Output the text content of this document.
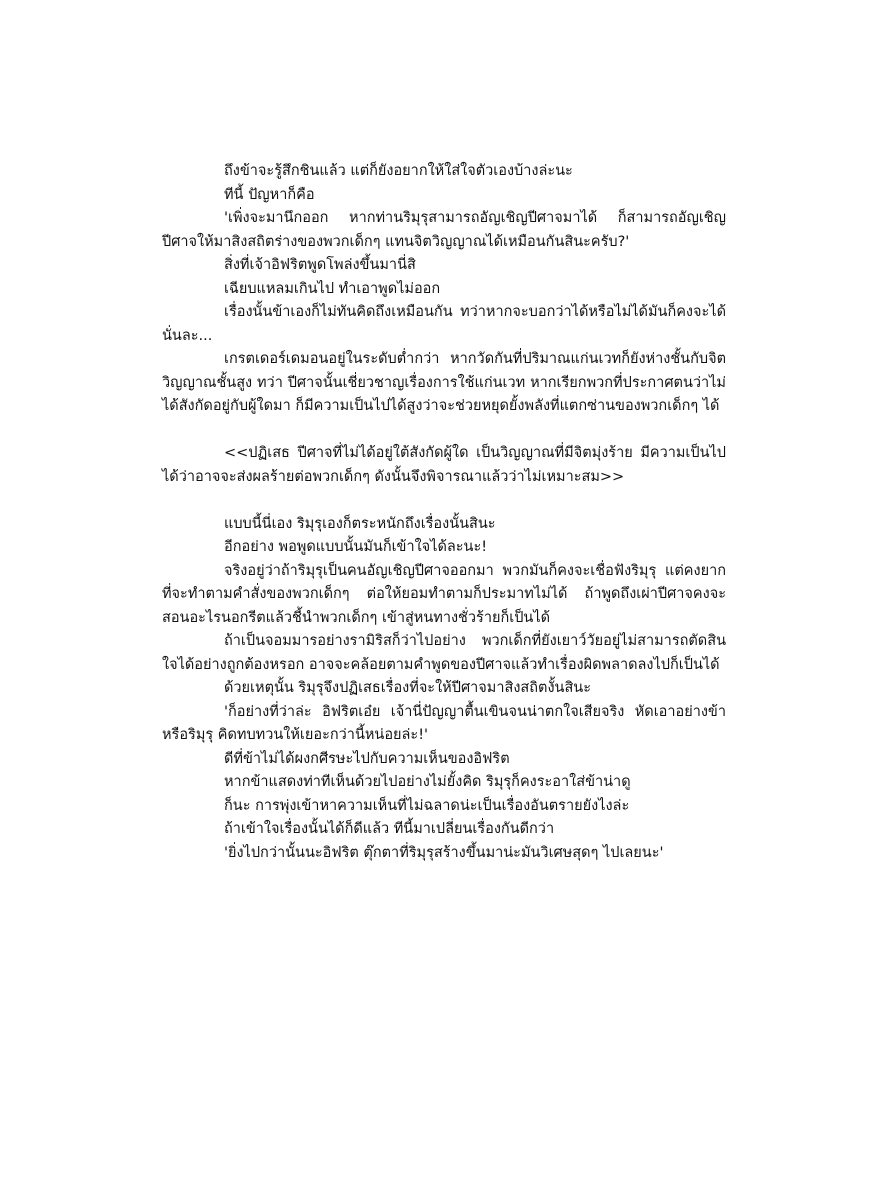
ถึงข้าจะรู้สึกชินแล้ว แต่ก็ยังอยากให้ใส่ใจตัวเองบ้างล่ะนะ

ทีนี้ ปัญหาก็คือ

'เพิ่งจะมานึกออก หากท่านริมุรุสามารถอัญเชิญปีศาจมาได้ ก็สามารถอัญเชิญปีศาจให้มาสิงสถิตร่างของพวกเด็กๆ แทนจิตวิญญาณได้เหมือนกันสินะครับ?'

สิ่งที่เจ้าอิฟริตพูดโพล่งขึ้นมานี่สิ

เฉียบแหลมเกินไป ทำเอาพูดไม่ออก

เรื่องนั้นข้าเองก็ไม่ทันคิดถึงเหมือนกัน ทว่าหากจะบอกว่าได้หรือไม่ได้มันก็คงจะได้นั่นละ...

เกรตเดอร์เดมอนอยู่ในระดับต่ำกว่า หากวัดกันที่ปริมาณแก่นเวทก็ยังห่างชั้นกับจิตวิญญาณชั้นสูง ทว่า ปีศาจนั้นเชี่ยวชาญเรื่องการใช้แก่นเวท หากเรียกพวกที่ประกาศตนว่าไม่ได้สังกัดอยู่กับผู้ใดมา ก็มีความเป็นไปได้สูงว่าจะช่วยหยุดยั้งพลังที่แตกซ่านของพวกเด็กๆ ได้

<<ปฏิเสธ ปีศาจที่ไม่ได้อยู่ใต้สังกัดผู้ใด เป็นวิญญาณที่มีจิตมุ่งร้าย มีความเป็นไปได้ว่าอาจจะส่งผลร้ายต่อพวกเด็กๆ ดังนั้นจึงพิจารณาแล้วว่าไม่เหมาะสม>>

แบบนี้นี่เอง ริมุรุเองก็ตระหนักถึงเรื่องนั้นสินะ

อีกอย่าง พอพูดแบบนั้นมันก็เข้าใจได้ละนะ!

จริงอยู่ว่าถ้าริมุรุเป็นคนอัญเชิญปีศาจออกมา พวกมันก็คงจะเชื่อฟังริมุรุ แต่คงยากที่จะทำตามคำสั่งของพวกเด็กๆ ต่อให้ยอมทำตามก็ประมาทไม่ได้ ถ้าพูดถึงเผ่าปีศาจคงจะสอนอะไรนอกรีตแล้วชี้นำพวกเด็กๆ เข้าสู่หนทางชั่วร้ายก็เป็นได้

ถ้าเป็นจอมมารอย่างรามิริสก็ว่าไปอย่าง พวกเด็กที่ยังเยาว์วัยอยู่ไม่สามารถตัดสินใจได้อย่างถูกต้องหรอก อาจจะคล้อยตามคำพูดของปีศาจแล้วทำเรื่องผิดพลาดลงไปก็เป็นได้

ด้วยเหตุนั้น ริมุรุจึงปฏิเสธเรื่องที่จะให้ปีศาจมาสิงสถิตงั้นสินะ

'ก็อย่างที่ว่าล่ะ อิฟริตเอ๋ย เจ้านี่ปัญญาตื้นเขินจนน่าตกใจเสียจริง หัดเอาอย่างข้าหรือริมุรุ คิดทบทวนให้เยอะกว่านี้หน่อยล่ะ!'

ดีที่ข้าไม่ได้ผงกศีรษะไปกับความเห็นของอิฟริต

หากข้าแสดงท่าทีเห็นด้วยไปอย่างไม่ยั้งคิด ริมุรุก็คงระอาใส่ข้าน่าดู

ก็นะ การพุ่งเข้าหาความเห็นที่ไม่ฉลาดน่ะเป็นเรื่องอันตรายยังไงล่ะ

ถ้าเข้าใจเรื่องนั้นได้ก็ดีแล้ว ทีนี้มาเปลี่ยนเรื่องกันดีกว่า

'ยิ่งไปกว่านั้นนะอิฟริต ตุ๊กตาที่ริมุรุสร้างขึ้นมาน่ะมันวิเศษสุดๆ ไปเลยนะ'
